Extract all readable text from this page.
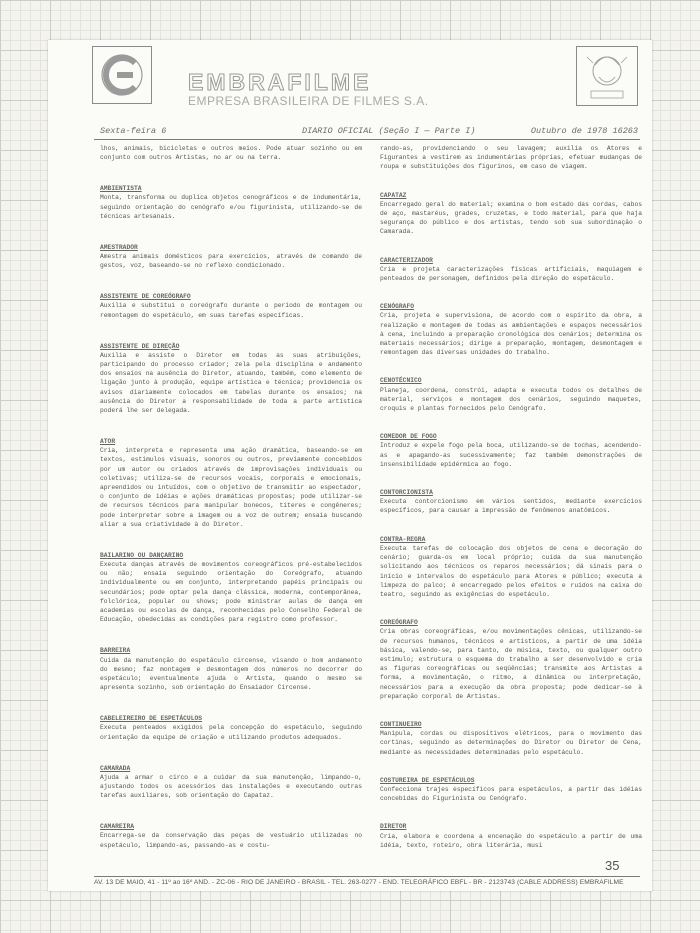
EMBRAFILME
EMPRESA BRASILEIRA DE FILMES S.A.
Sexta-feira 6	DIARIO OFICIAL (Seção I — Parte I)	Outubro de 1978 16263

lhos, animais, bicicletas e outros meios. Pode atuar sozinho ou em conjunto com outros Artistas, no ar ou na terra.

AMBIENTISTA

Monta, transforma ou duplica objetos cenográficos e de indumentária, seguindo orientação do cenógrafo e/ou figurinista, utilizando-se de técnicas artesanais.

AMESTRADOR

Amestra animais domésticos para exercícios, através de comando de gestos, voz, baseando-se no reflexo condicionado.

ASSISTENTE DE COREÓGRAFO

Auxilia e substitui o coreógrafo durante o período de montagem ou remontagem do espetáculo, em suas tarefas específicas.

ASSISTENTE DE DIREÇÃO

Auxilia e assiste o Diretor em todas as suas atribuições, participando do processo criador; zela pela disciplina e andamento dos ensaios na ausência do Diretor, atuando, também, como elemento de ligação junto à produção, equipe artística e técnica; providencia os avisos diariamente colocados em tabelas durante os ensaios; na ausência do Diretor a responsabilidade de toda a parte artística poderá lhe ser delegada.

ATOR

Cria, interpreta e representa uma ação dramática, baseando-se em textos, estímulos visuais, sonoros ou outros, previamente concebidos por um autor ou criados através de improvisações individuais ou coletivas; utiliza-se de recursos vocais, corporais e emocionais, apreendidos ou intuídos, com o objetivo de transmitir ao espectador, o conjunto de idéias e ações dramáticas propostas; pode utilizar-se de recursos técnicos para manipular bonecos, títeres e congêneres; pode interpretar sobre a imagem ou a voz de outrem; ensaia buscando aliar a sua criatividade à do Diretor.

BAILARINO OU DANÇARINO

Executa danças através de movimentos coreográficos pré-estabelecidos ou não; ensaia seguindo orientação do Coreógrafo, atuando individualmente ou em conjunto, interpretando papéis principais ou secundários; pode optar pela dança clássica, moderna, contemporânea, folclórica, popular ou shows; pode ministrar aulas de dança em academias ou escolas de dança, reconhecidas pelo Conselho Federal de Educação, obedecidas as condições para registro como professor.

BARREIRA

Cuida da manutenção do espetáculo circense, visando o bom andamento do mesmo; faz montagem e desmontagem dos números no decorrer do espetáculo; eventualmente ajuda o Artista, quando o mesmo se apresenta sozinho, sob orientação do Ensaiador Circense.

CABELEIREIRO DE ESPETÁCULOS

Executa penteados exigidos pela concepção do espetáculo, seguindo orientação da equipe de criação e utilizando produtos adequados.

CAMARADA

Ajuda a armar o circo e a cuidar da sua manutenção, limpando-o, ajustando todos os acessórios das instalações e executando outras tarefas auxiliares, sob orientação do Capataz.

CAMAREIRA

Encarrega-se da conservação das peças de vestuário utilizadas no espetáculo, limpando-as, passando-as e costu-

rando-as, providenciando o seu lavagem; auxilia os Atores e Figurantes a vestirem as indumentárias próprias, efetuar mudanças de roupa e substituições dos figurinos, em caso de viagem.

CAPATAZ

Encarregado geral do material; examina o bom estado das cordas, cabos de aço, mastaréus, grades, cruzetas, e todo material, para que haja segurança do público e dos artistas, tendo sob sua subordinação o Camarada.

CARACTERIZADOR

Cria e projeta caracterizações físicas artificiais, maquiagem e penteados de personagem, definidos pela direção do espetáculo.

CENÓGRAFO

Cria, projeta e supervisiona, de acordo com o espírito da obra, a realização e montagem de todas as ambientações e espaços necessários à cena, incluindo a preparação cronológica dos cenários; determina os materiais necessários; dirige a preparação, montagem, desmontagem e remontagem das diversas unidades do trabalho.

CENOTÉCNICO

Planeja, coordena, constrói, adapta e executa todos os detalhes de material, serviços e montagem dos cenários, seguindo maquetes, croquis e plantas fornecidos pelo Cenógrafo.

COMEDOR DE FOGO

Introduz e expele fogo pela boca, utilizando-se de tochas, acendendo-as e apagando-as sucessivamente; faz também demonstrações de insensibilidade epidérmica ao fogo.

CONTORCIONISTA

Executa contorcionismo em vários sentidos, mediante exercícios específicos, para causar a impressão de fenômenos anatômicos.

CONTRA-REGRA

Executa tarefas de colocação dos objetos de cena e decoração do cenário; guarda-os em local próprio; cuida da sua manutenção solicitando aos técnicos os reparos necessários; dá sinais para o início e intervalos do espetáculo para Atores e público; executa a limpeza do palco; é encarregado pelos efeitos e ruídos na caixa do teatro, seguindo as exigências do espetáculo.

COREÓGRAFO

Cria obras coreográficas, e/ou movimentações cênicas, utilizando-se de recursos humanos, técnicos e artísticos, a partir de uma idéia básica, valendo-se, para tanto, de música, texto, ou qualquer outro estímulo; estrutura o esquema do trabalho a ser desenvolvido e cria as figuras coreográficas ou seqüências; transmite aos Artistas a forma, a movimentação, o ritmo, a dinâmica ou interpretação, necessários para a execução da obra proposta; pode dedicar-se à preparação corporal de Artistas.

CONTINUEIRO

Manipula, cordas ou dispositivos elétricos, para o movimento das cortinas, seguindo as determinações do Diretor ou Diretor de Cena, mediante as necessidades determinadas pelo espetáculo.

COSTUREIRA DE ESPETÁCULOS

Confecciona trajes específicos para espetáculos, a partir das idéias concebidas do Figurinista ou Cenógrafo.

DIRETOR

Cria, elabora e coordena a encenação do espetáculo a partir de uma idéia, texto, roteiro, obra literária, musi

35
AV. 13 DE MAIO, 41 - 11º ao 16º AND. - ZC-06 - RIO DE JANEIRO - BRASIL - TEL. 263-0277 - END. TELEGRÁFICO EBFL - BR - 2123743 (CABLE ADDRESS) EMBRAFILME
